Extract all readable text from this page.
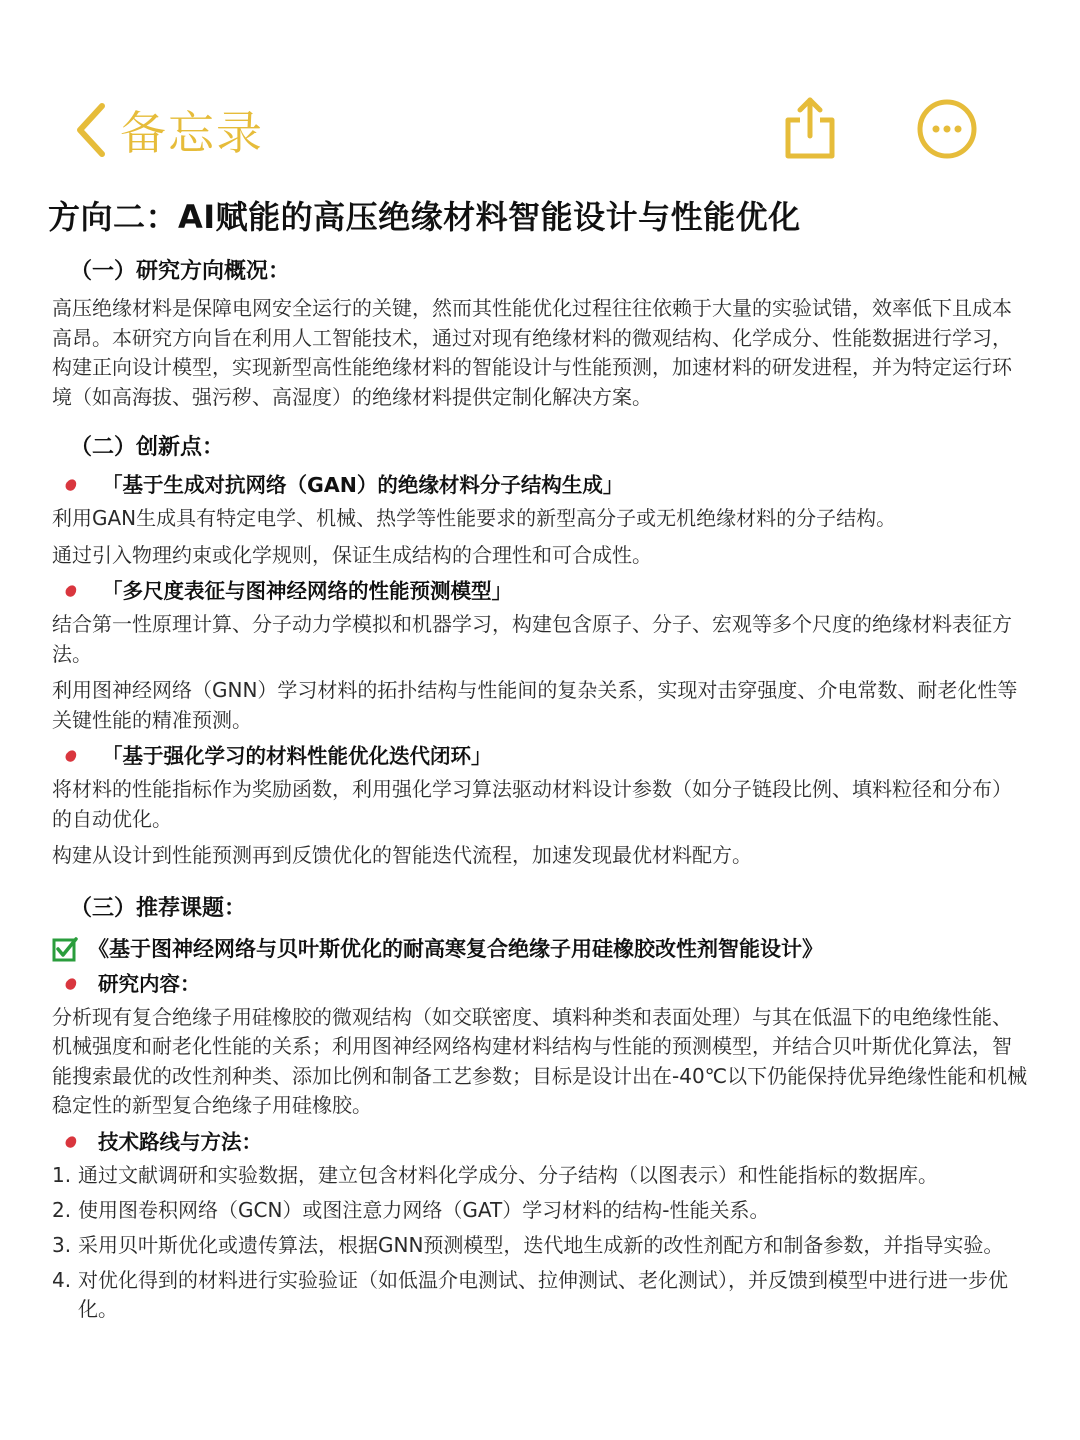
备忘录
方向二：AI赋能的高压绝缘材料智能设计与性能优化
（一）研究方向概况：
高压绝缘材料是保障电网安全运行的关键，然而其性能优化过程往往依赖于大量的实验试错，效率低下且成本高昂。本研究方向旨在利用人工智能技术，通过对现有绝缘材料的微观结构、化学成分、性能数据进行学习，构建正向设计模型，实现新型高性能绝缘材料的智能设计与性能预测，加速材料的研发进程，并为特定运行环境（如高海拔、强污秽、高湿度）的绝缘材料提供定制化解决方案。
（二）创新点：
「基于生成对抗网络（GAN）的绝缘材料分子结构生成」
利用GAN生成具有特定电学、机械、热学等性能要求的新型高分子或无机绝缘材料的分子结构。
通过引入物理约束或化学规则，保证生成结构的合理性和可合成性。
「多尺度表征与图神经网络的性能预测模型」
结合第一性原理计算、分子动力学模拟和机器学习，构建包含原子、分子、宏观等多个尺度的绝缘材料表征方法。
利用图神经网络（GNN）学习材料的拓扑结构与性能间的复杂关系，实现对击穿强度、介电常数、耐老化性等关键性能的精准预测。
「基于强化学习的材料性能优化迭代闭环」
将材料的性能指标作为奖励函数，利用强化学习算法驱动材料设计参数（如分子链段比例、填料粒径和分布）的自动优化。
构建从设计到性能预测再到反馈优化的智能迭代流程，加速发现最优材料配方。
（三）推荐课题：
《基于图神经网络与贝叶斯优化的耐高寒复合绝缘子用硅橡胶改性剂智能设计》
研究内容：
分析现有复合绝缘子用硅橡胶的微观结构（如交联密度、填料种类和表面处理）与其在低温下的电绝缘性能、机械强度和耐老化性能的关系；利用图神经网络构建材料结构与性能的预测模型，并结合贝叶斯优化算法，智能搜索最优的改性剂种类、添加比例和制备工艺参数；目标是设计出在-40℃以下仍能保持优异绝缘性能和机械稳定性的新型复合绝缘子用硅橡胶。
技术路线与方法：
1. 通过文献调研和实验数据，建立包含材料化学成分、分子结构（以图表示）和性能指标的数据库。
2. 使用图卷积网络（GCN）或图注意力网络（GAT）学习材料的结构-性能关系。
3. 采用贝叶斯优化或遗传算法，根据GNN预测模型，迭代地生成新的改性剂配方和制备参数，并指导实验。
4. 对优化得到的材料进行实验验证（如低温介电测试、拉伸测试、老化测试），并反馈到模型中进行进一步优化。
